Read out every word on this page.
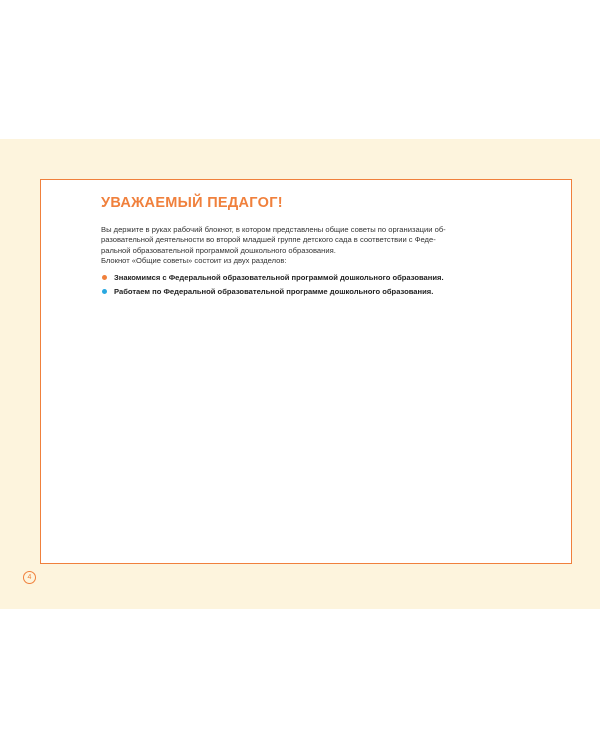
УВАЖАЕМЫЙ ПЕДАГОГ!

Вы держите в руках рабочий блокнот, в котором представлены общие советы по организации об-

разовательной деятельности во второй младшей группе детского сада в соответствии с Феде-

ральной образовательной программой дошкольного образования.

Блокнот «Общие советы» состоит из двух разделов:

Знакомимся с Федеральной образовательной программой дошкольного образования.
Работаем по Федеральной образовательной программе дошкольного образования.
4
